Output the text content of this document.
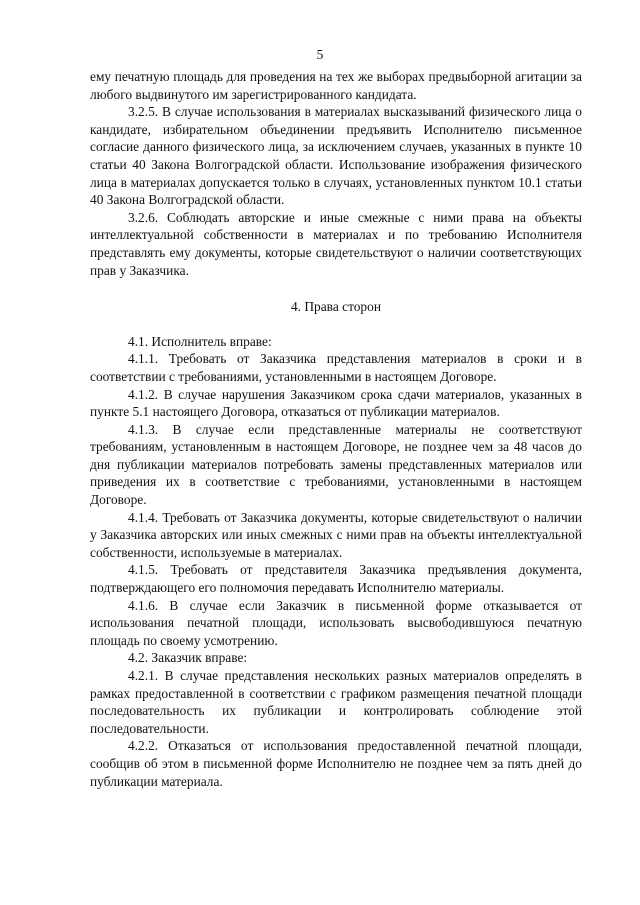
5

ему печатную площадь для проведения на тех же выборах предвыборной агитации за любого выдвинутого им зарегистрированного кандидата.

3.2.5. В случае использования в материалах высказываний физического лица о кандидате, избирательном объединении предъявить Исполнителю письменное согласие данного физического лица, за исключением случаев, указанных в пункте 10 статьи 40 Закона Волгоградской области. Использование изображения физического лица в материалах допускается только в случаях, установленных пунктом 10.1 статьи 40 Закона Волгоградской области.

3.2.6. Соблюдать авторские и иные смежные с ними права на объекты интеллектуальной собственности в материалах и по требованию Исполнителя представлять ему документы, которые свидетельствуют о наличии соответствующих прав у Заказчика.

4. Права сторон

4.1. Исполнитель вправе:

4.1.1. Требовать от Заказчика представления материалов в сроки и в соответствии с требованиями, установленными в настоящем Договоре.

4.1.2. В случае нарушения Заказчиком срока сдачи материалов, указанных в пункте 5.1 настоящего Договора, отказаться от публикации материалов.

4.1.3. В случае если представленные материалы не соответствуют требованиям, установленным в настоящем Договоре, не позднее чем за 48 часов до дня публикации материалов потребовать замены представленных материалов или приведения их в соответствие с требованиями, установленными в настоящем Договоре.

4.1.4. Требовать от Заказчика документы, которые свидетельствуют о наличии у Заказчика авторских или иных смежных с ними прав на объекты интеллектуальной собственности, используемые в материалах.

4.1.5. Требовать от представителя Заказчика предъявления документа, подтверждающего его полномочия передавать Исполнителю материалы.

4.1.6. В случае если Заказчик в письменной форме отказывается от использования печатной площади, использовать высвободившуюся печатную площадь по своему усмотрению.

4.2. Заказчик вправе:

4.2.1. В случае представления нескольких разных материалов определять в рамках предоставленной в соответствии с графиком размещения печатной площади последовательность их публикации и контролировать соблюдение этой последовательности.

4.2.2. Отказаться от использования предоставленной печатной площади, сообщив об этом в письменной форме Исполнителю не позднее чем за пять дней до публикации материала.
